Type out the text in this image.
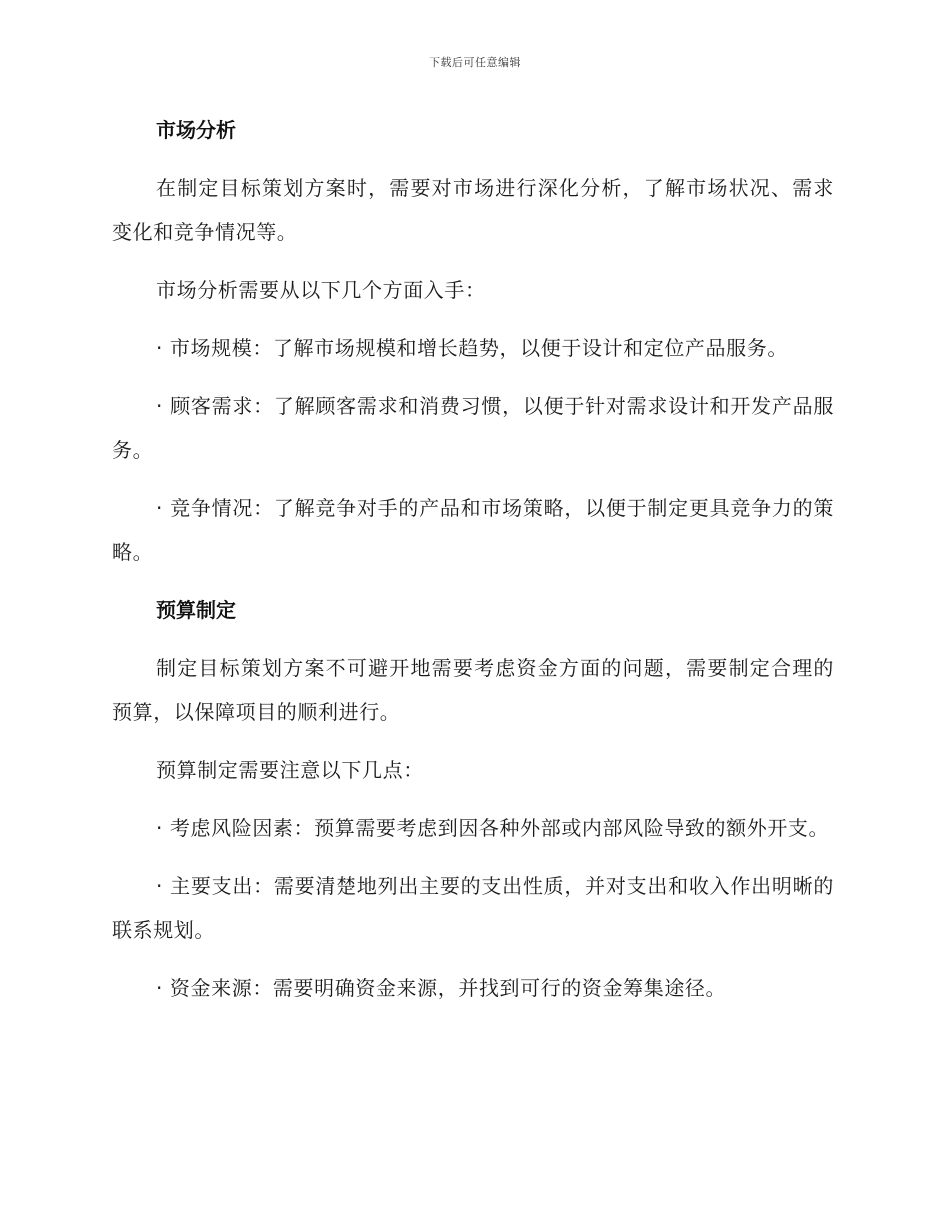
下载后可任意编辑
市场分析
在制定目标策划方案时，需要对市场进行深化分析，了解市场状况、需求变化和竞争情况等。
市场分析需要从以下几个方面入手：
· 市场规模：了解市场规模和增长趋势，以便于设计和定位产品服务。
· 顾客需求：了解顾客需求和消费习惯，以便于针对需求设计和开发产品服务。
· 竞争情况：了解竞争对手的产品和市场策略，以便于制定更具竞争力的策略。
预算制定
制定目标策划方案不可避开地需要考虑资金方面的问题，需要制定合理的预算，以保障项目的顺利进行。
预算制定需要注意以下几点：
· 考虑风险因素：预算需要考虑到因各种外部或内部风险导致的额外开支。
· 主要支出：需要清楚地列出主要的支出性质，并对支出和收入作出明晰的联系规划。
· 资金来源：需要明确资金来源，并找到可行的资金筹集途径。
